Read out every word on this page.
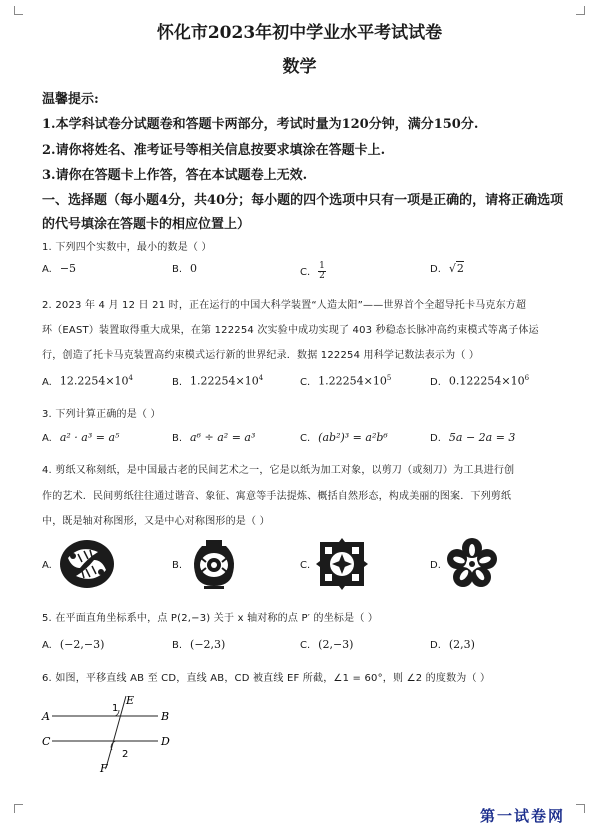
怀化市2023年初中学业水平考试试卷
数学
温馨提示:
1.本学科试卷分试题卷和答题卡两部分，考试时量为120分钟，满分150分.
2.请你将姓名、准考证号等相关信息按要求填涂在答题卡上.
3.请你在答题卡上作答，答在本试题卷上无效.
一、选择题（每小题4分，共40分；每小题的四个选项中只有一项是正确的，请将正确选项
的代号填涂在答题卡的相应位置上）
1. 下列四个实数中，最小的数是（ ）
A. −5	B. 0	C. $\frac{1}{2}$	D. √2
2. 2023 年 4 月 12 日 21 时，正在运行的中国大科学装置“人造太阳”——世界首个全超导托卡马克东方超
环（EAST）装置取得重大成果，在第 122254 次实验中成功实现了 403 秒稳态长脉冲高约束模式等离子体运
行，创造了托卡马克装置高约束模式运行新的世界纪录．数据 122254 用科学记数法表示为（ ）
A. $12.2254\times 10^4$	B. $1.22254\times 10^4$	C. $1.22254\times 10^5$	D. $0.122254\times 10^6$
3. 下列计算正确的是（ ）
A. a² · a³ = a⁵	B. a⁶ ÷ a² = a³	C. (ab²)³ = a²b⁶	D. 5a − 2a = 3
4. 剪纸又称刻纸，是中国最古老的民间艺术之一，它是以纸为加工对象，以剪刀（或刻刀）为工具进行创
作的艺术．民间剪纸往往通过谐音、象征、寓意等手法提炼、概括自然形态，构成美丽的图案．下列剪纸
中，既是轴对称图形，又是中心对称图形的是（ ）
A.	B.	C.	D.
5. 在平面直角坐标系中，点 P(2,−3) 关于 x 轴对称的点 P′ 的坐标是（ ）
A. (−2,−3)	B. (−2,3)	C. (2,−3)	D. (2,3)
6. 如图，平移直线 AB 至 CD，直线 AB，CD 被直线 EF 所截，∠1 = 60°，则 ∠2 的度数为（ ）
E
F
A	B
C	D
1
2
第一试卷网
